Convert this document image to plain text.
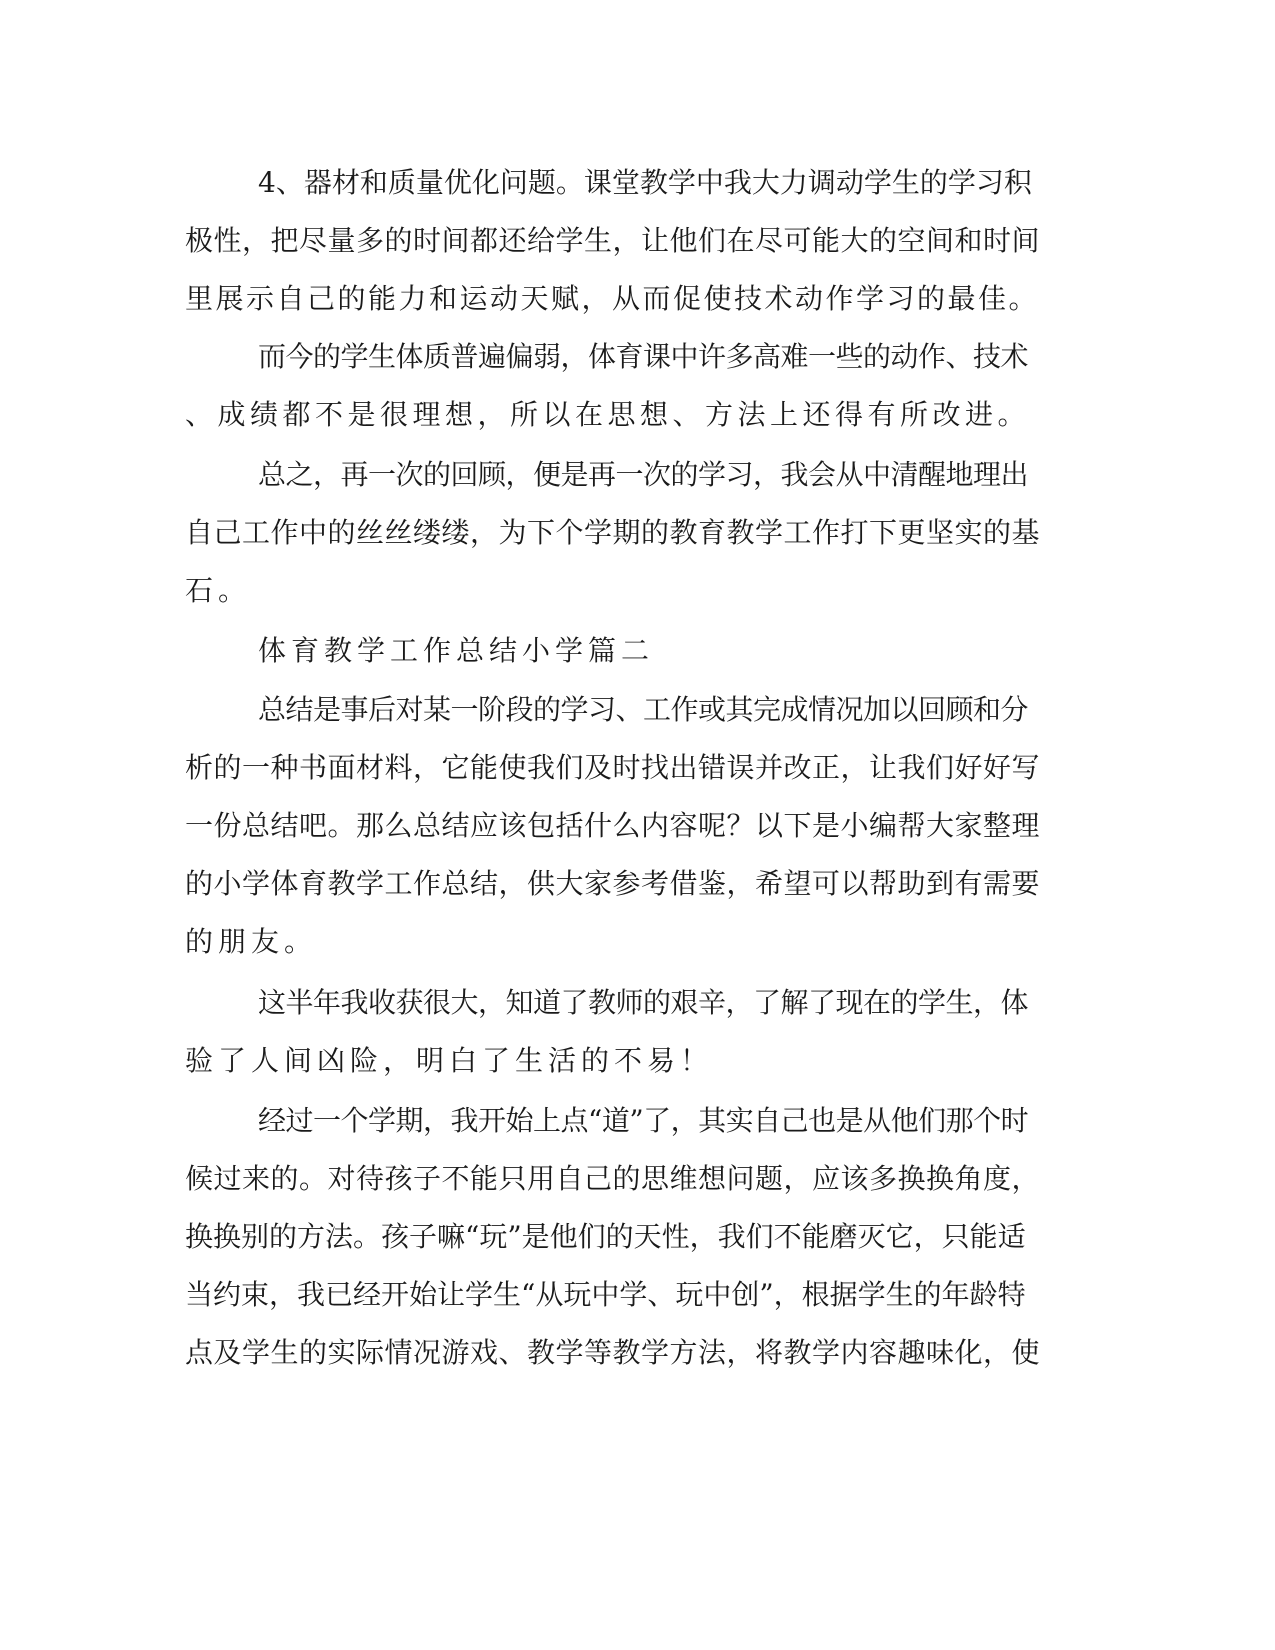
4、器材和质量优化问题。课堂教学中我大力调动学生的学习积
极性，把尽量多的时间都还给学生，让他们在尽可能大的空间和时间
里展示自己的能力和运动天赋，从而促使技术动作学习的最佳。
而今的学生体质普遍偏弱，体育课中许多高难一些的动作、技术
、成绩都不是很理想，所以在思想、方法上还得有所改进。
总之，再一次的回顾，便是再一次的学习，我会从中清醒地理出
自己工作中的丝丝缕缕，为下个学期的教育教学工作打下更坚实的基
石。
体育教学工作总结小学篇二
总结是事后对某一阶段的学习、工作或其完成情况加以回顾和分
析的一种书面材料，它能使我们及时找出错误并改正，让我们好好写
一份总结吧。那么总结应该包括什么内容呢？以下是小编帮大家整理
的小学体育教学工作总结，供大家参考借鉴，希望可以帮助到有需要
的朋友。
这半年我收获很大，知道了教师的艰辛，了解了现在的学生，体
验了人间凶险，明白了生活的不易！
经过一个学期，我开始上点“道”了，其实自己也是从他们那个时
候过来的。对待孩子不能只用自己的思维想问题，应该多换换角度，
换换别的方法。孩子嘛“玩”是他们的天性，我们不能磨灭它，只能适
当约束，我已经开始让学生“从玩中学、玩中创”，根据学生的年龄特
点及学生的实际情况游戏、教学等教学方法，将教学内容趣味化，使
